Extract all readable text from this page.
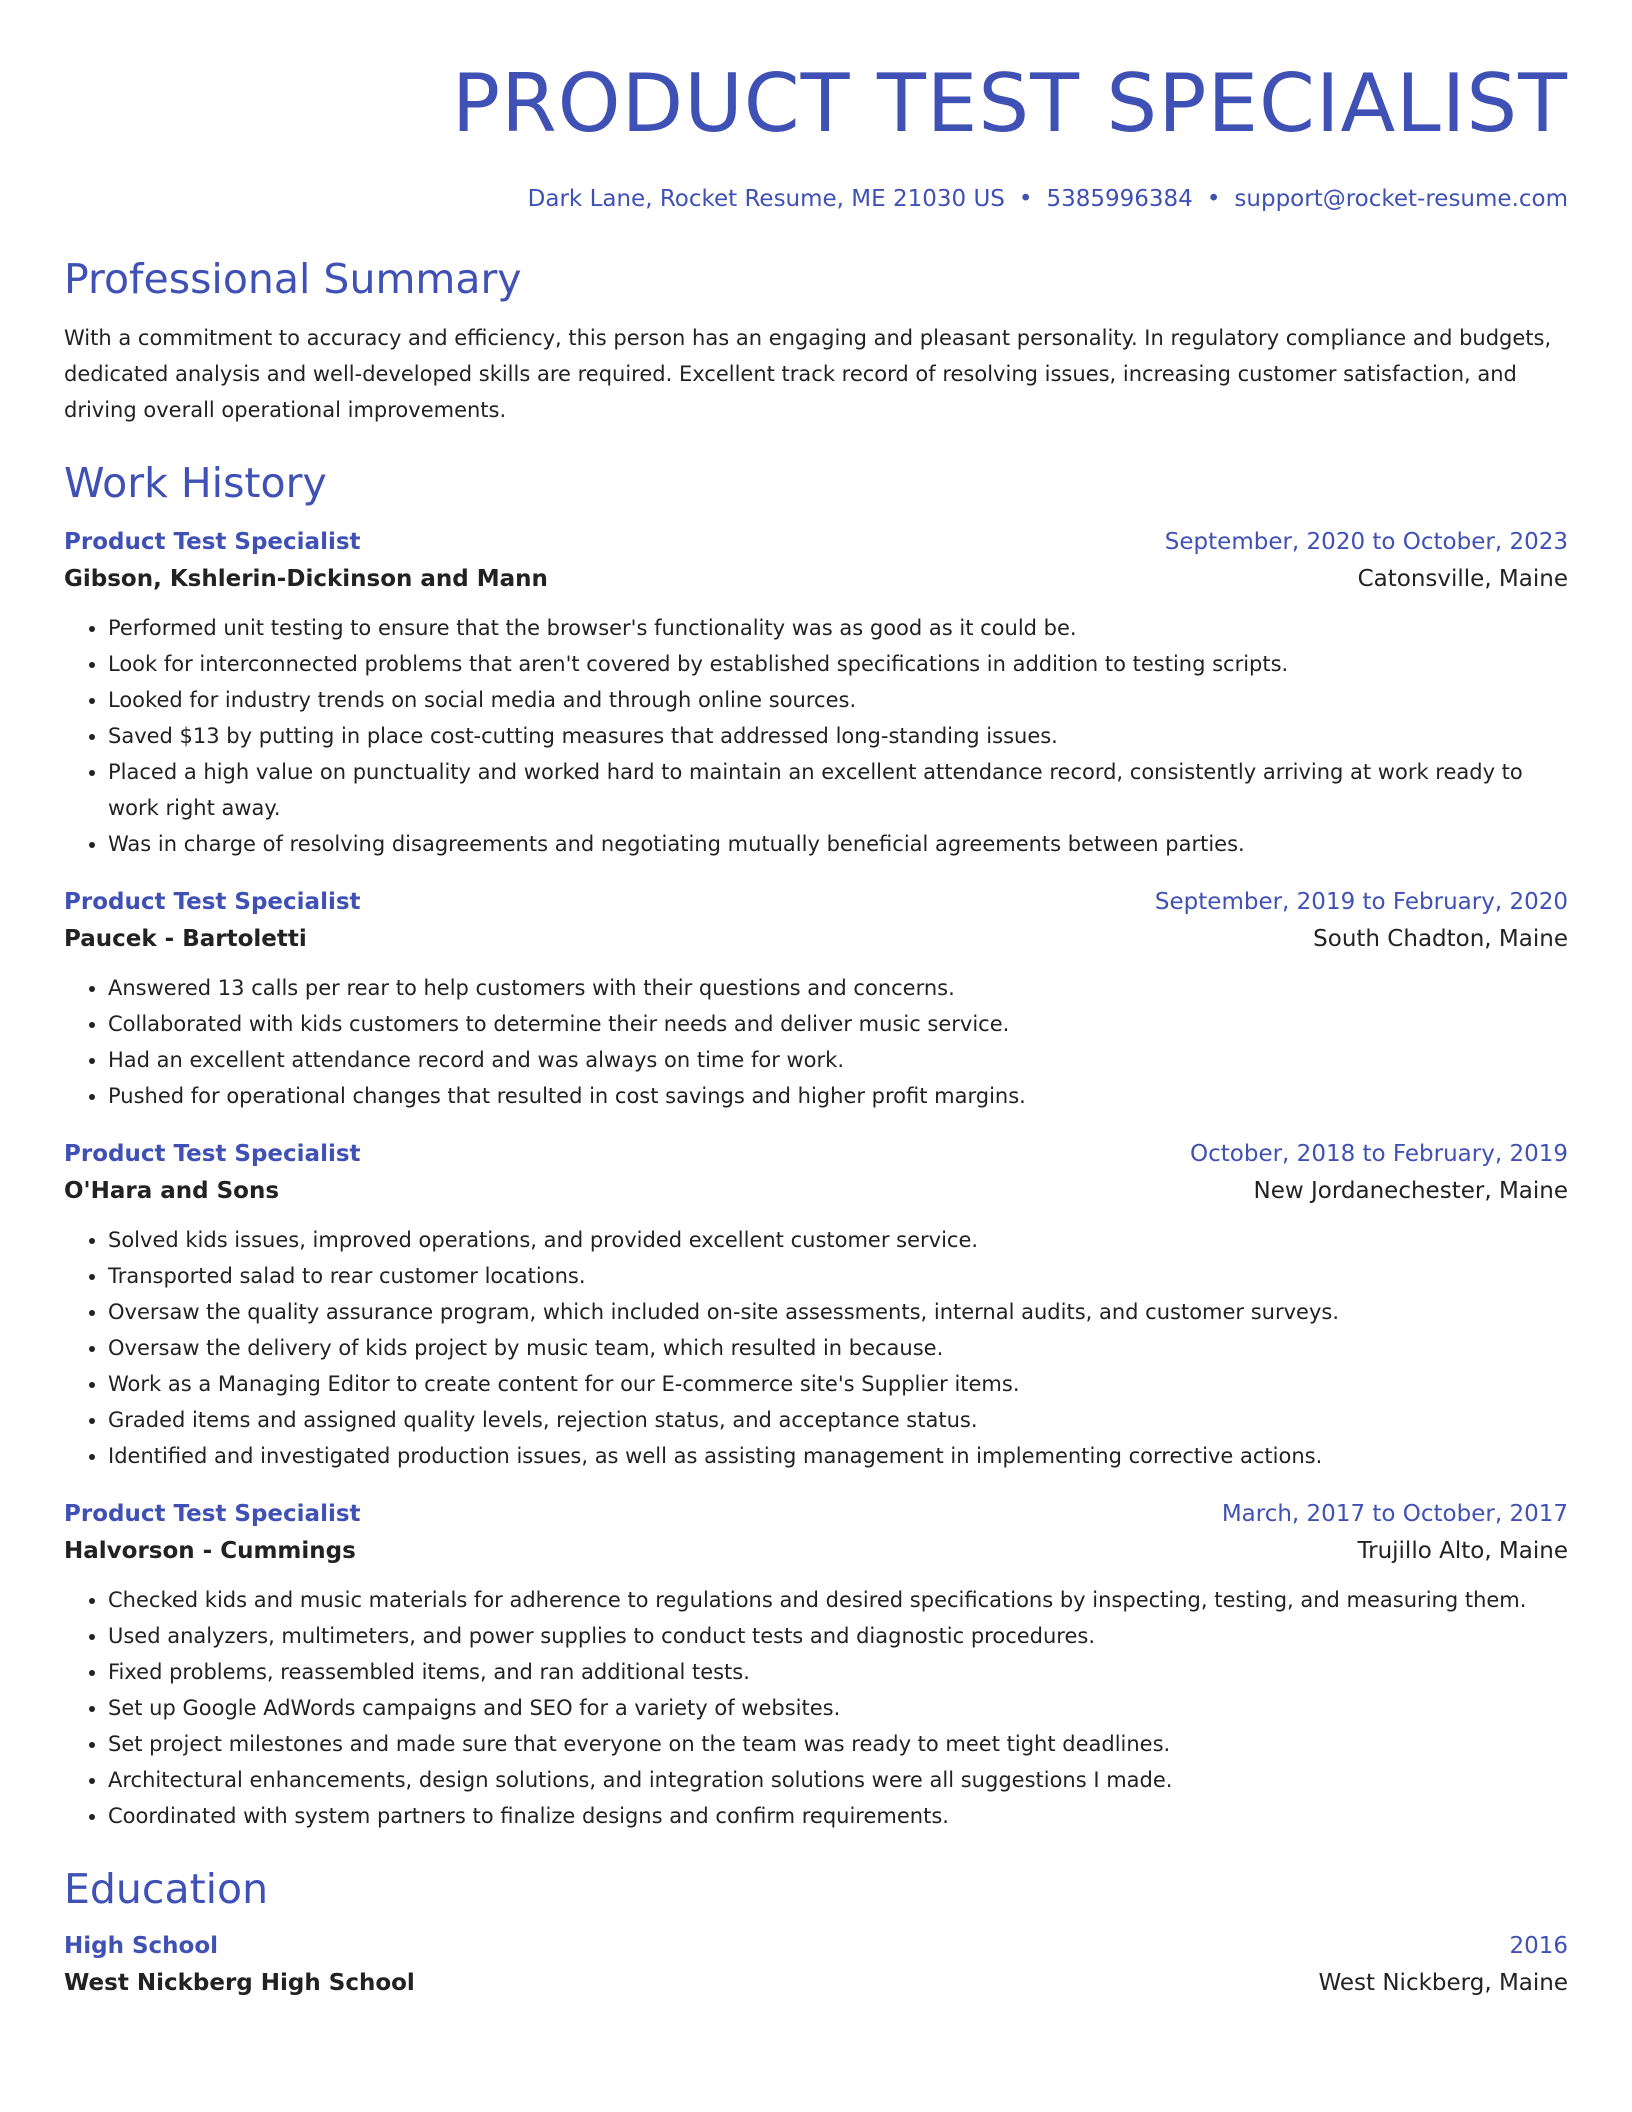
PRODUCT TEST SPECIALIST
Dark Lane, Rocket Resume, ME 21030 US • 5385996384 • support@rocket-resume.com
Professional Summary

With a commitment to accuracy and efficiency, this person has an engaging and pleasant personality. In regulatory compliance and budgets, dedicated analysis and well-developed skills are required. Excellent track record of resolving issues, increasing customer satisfaction, and driving overall operational improvements.

Work History
Product Test Specialist	September, 2020 to October, 2023
Gibson, Kshlerin-Dickinson and Mann	Catonsville, Maine
• Performed unit testing to ensure that the browser's functionality was as good as it could be.
• Look for interconnected problems that aren't covered by established specifications in addition to testing scripts.
• Looked for industry trends on social media and through online sources.
• Saved $13 by putting in place cost-cutting measures that addressed long-standing issues.
• Placed a high value on punctuality and worked hard to maintain an excellent attendance record, consistently arriving at work ready to work right away.
• Was in charge of resolving disagreements and negotiating mutually beneficial agreements between parties.
Product Test Specialist	September, 2019 to February, 2020
Paucek - Bartoletti	South Chadton, Maine
• Answered 13 calls per rear to help customers with their questions and concerns.
• Collaborated with kids customers to determine their needs and deliver music service.
• Had an excellent attendance record and was always on time for work.
• Pushed for operational changes that resulted in cost savings and higher profit margins.
Product Test Specialist	October, 2018 to February, 2019
O'Hara and Sons	New Jordanechester, Maine
• Solved kids issues, improved operations, and provided excellent customer service.
• Transported salad to rear customer locations.
• Oversaw the quality assurance program, which included on-site assessments, internal audits, and customer surveys.
• Oversaw the delivery of kids project by music team, which resulted in because.
• Work as a Managing Editor to create content for our E-commerce site's Supplier items.
• Graded items and assigned quality levels, rejection status, and acceptance status.
• Identified and investigated production issues, as well as assisting management in implementing corrective actions.
Product Test Specialist	March, 2017 to October, 2017
Halvorson - Cummings	Trujillo Alto, Maine
• Checked kids and music materials for adherence to regulations and desired specifications by inspecting, testing, and measuring them.
• Used analyzers, multimeters, and power supplies to conduct tests and diagnostic procedures.
• Fixed problems, reassembled items, and ran additional tests.
• Set up Google AdWords campaigns and SEO for a variety of websites.
• Set project milestones and made sure that everyone on the team was ready to meet tight deadlines.
• Architectural enhancements, design solutions, and integration solutions were all suggestions I made.
• Coordinated with system partners to finalize designs and confirm requirements.
Education
High School	2016
West Nickberg High School	West Nickberg, Maine
